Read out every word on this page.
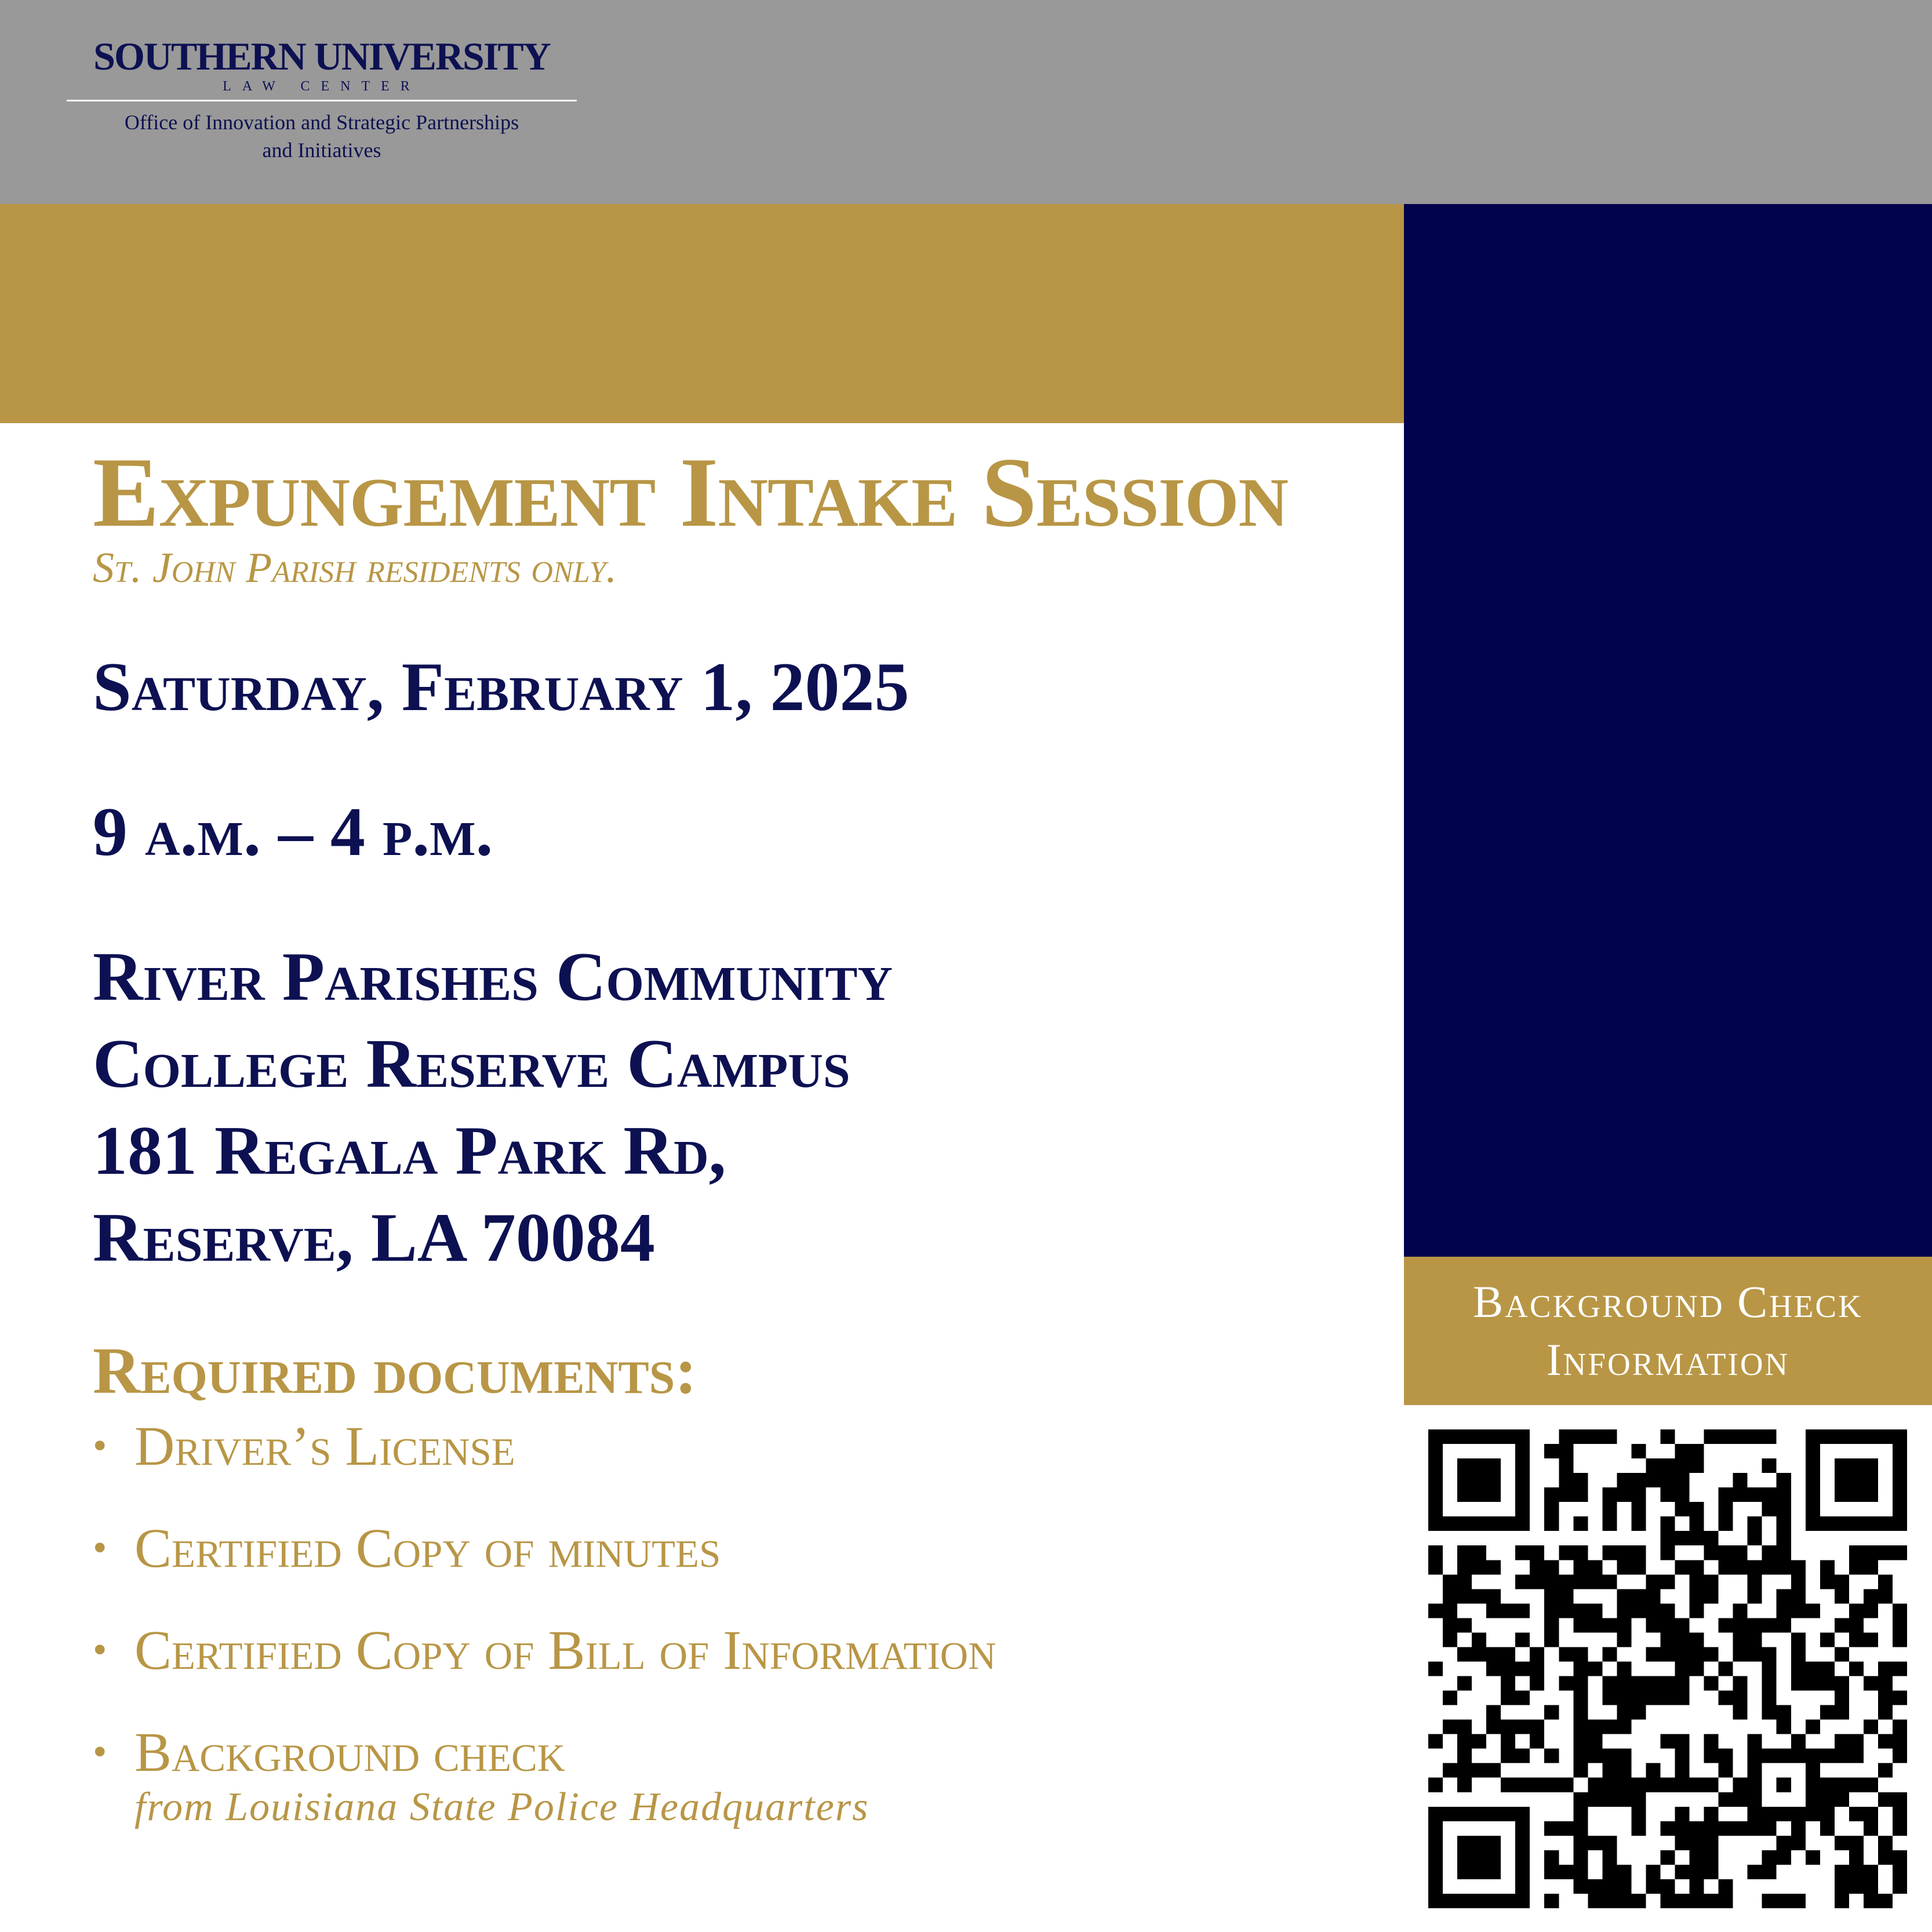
SOUTHERN UNIVERSITY
LAW CENTER
Office of Innovation and Strategic Partnerships
and Initiatives
Background Check
Information
Expungement Intake Session
St. John Parish residents only.
Saturday, February 1, 2025
9 a.m. – 4 p.m.
River Parishes Community
College Reserve Campus
181 Regala Park Rd,
Reserve, LA 70084
Required documents:
• Driver’s License
• Certified Copy of minutes
• Certified Copy of Bill of Information
• Background check
from Louisiana State Police Headquarters
